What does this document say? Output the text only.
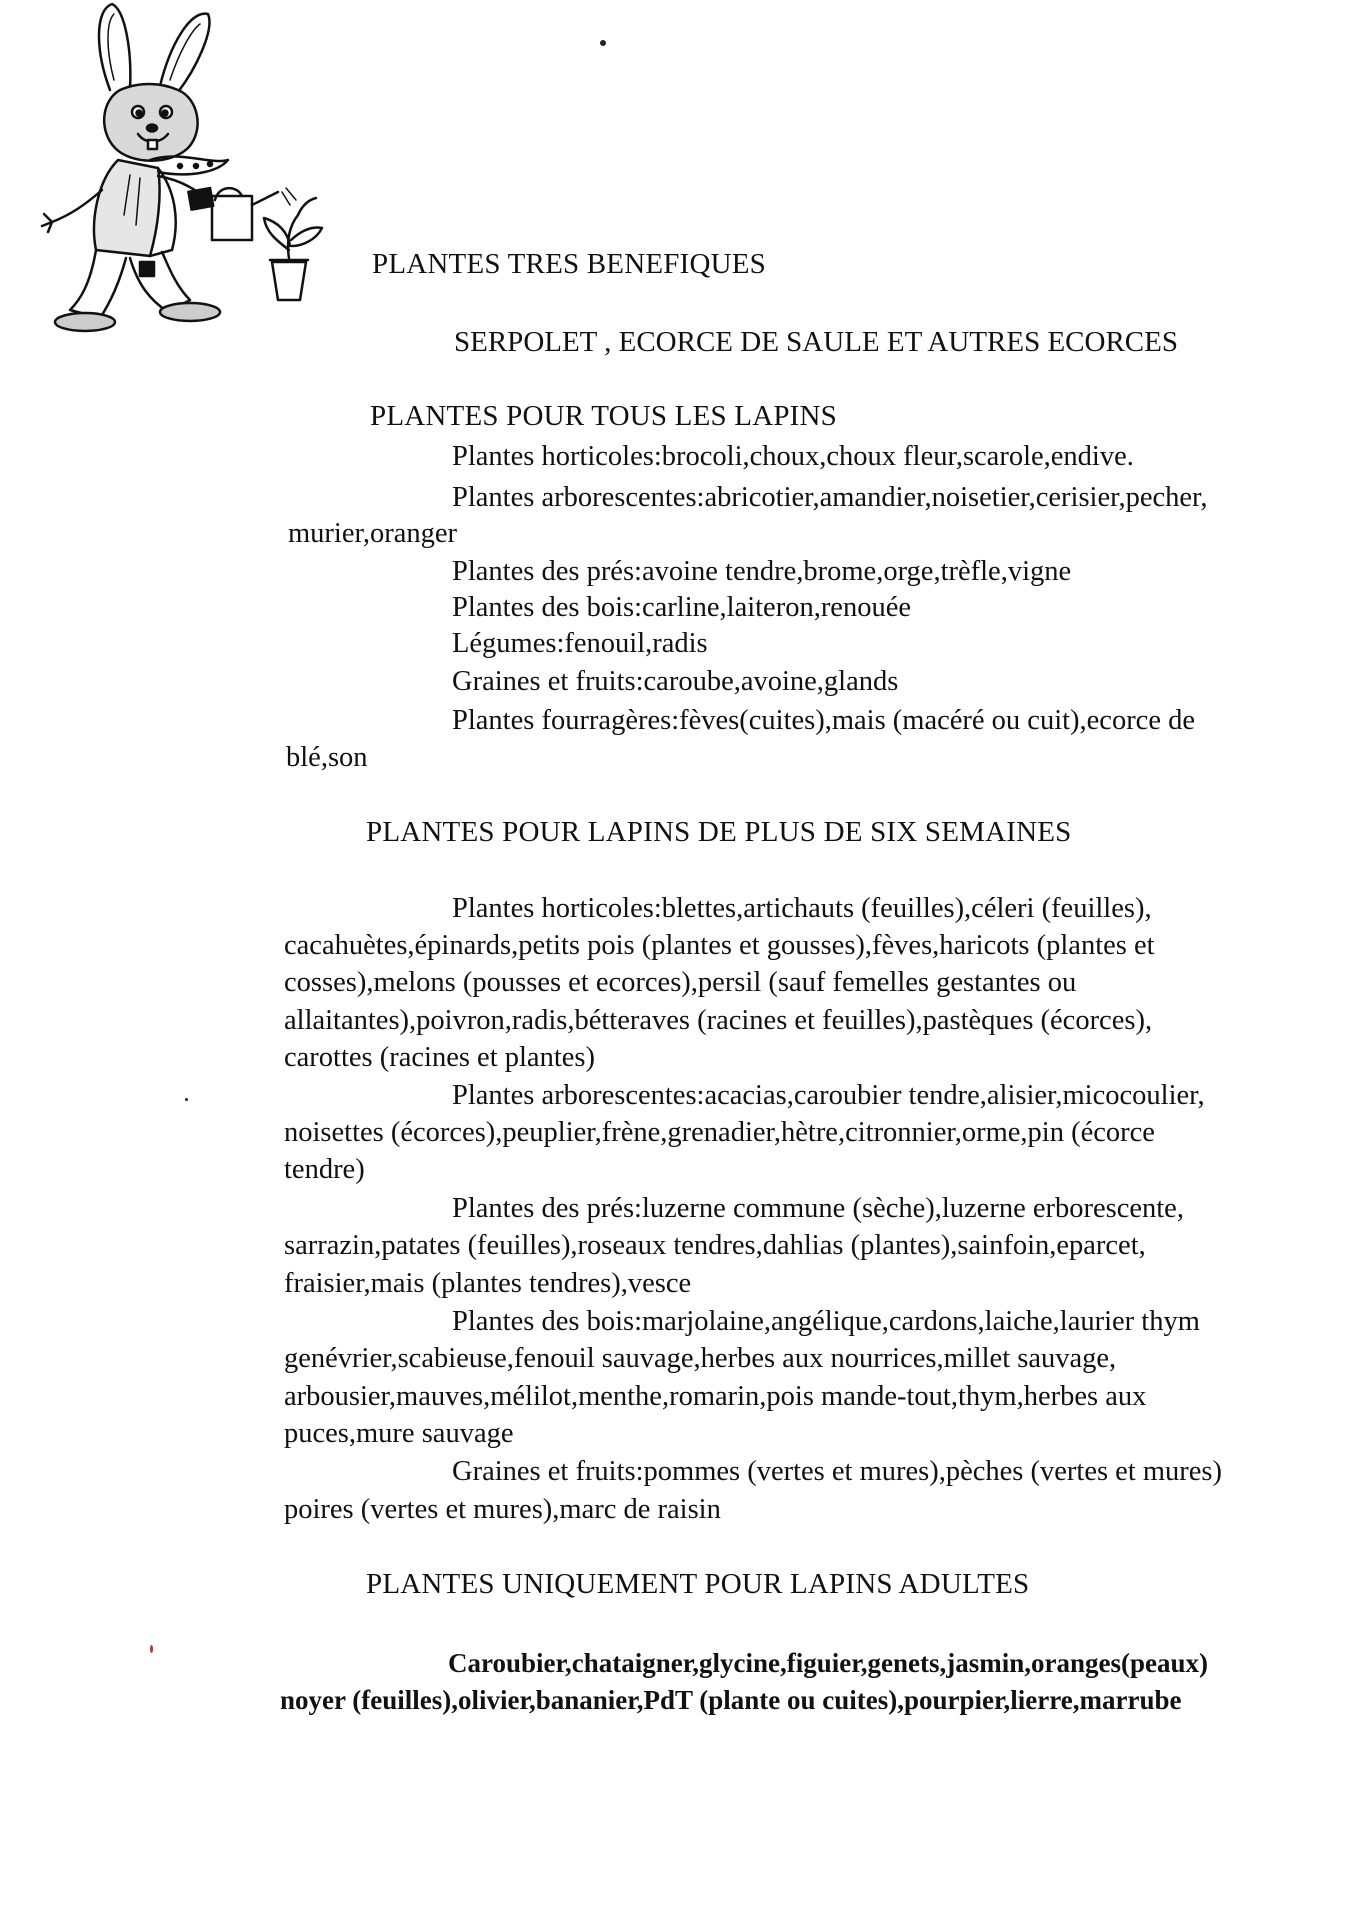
PLANTES TRES BENEFIQUES

SERPOLET , ECORCE DE SAULE ET AUTRES ECORCES

PLANTES POUR TOUS LES LAPINS

Plantes horticoles:brocoli,choux,choux fleur,scarole,endive.

Plantes arborescentes:abricotier,amandier,noisetier,cerisier,pecher,

murier,oranger

Plantes des prés:avoine tendre,brome,orge,trèfle,vigne

Plantes des bois:carline,laiteron,renouée

Légumes:fenouil,radis

Graines et fruits:caroube,avoine,glands

Plantes fourragères:fèves(cuites),mais (macéré ou cuit),ecorce de

blé,son

PLANTES POUR LAPINS DE PLUS DE SIX SEMAINES

Plantes horticoles:blettes,artichauts (feuilles),céleri (feuilles),

cacahuètes,épinards,petits pois (plantes et gousses),fèves,haricots (plantes et

cosses),melons (pousses et ecorces),persil (sauf femelles gestantes ou

allaitantes),poivron,radis,bétteraves (racines et feuilles),pastèques (écorces),

carottes (racines et plantes)

Plantes arborescentes:acacias,caroubier tendre,alisier,micocoulier,

noisettes (écorces),peuplier,frène,grenadier,hètre,citronnier,orme,pin (écorce

tendre)

Plantes des prés:luzerne commune (sèche),luzerne erborescente,

sarrazin,patates (feuilles),roseaux tendres,dahlias (plantes),sainfoin,eparcet,

fraisier,mais (plantes tendres),vesce

Plantes des bois:marjolaine,angélique,cardons,laiche,laurier thym

genévrier,scabieuse,fenouil sauvage,herbes aux nourrices,millet sauvage,

arbousier,mauves,mélilot,menthe,romarin,pois mande-tout,thym,herbes aux

puces,mure sauvage

Graines et fruits:pommes (vertes et mures),pèches (vertes et mures)

poires (vertes et mures),marc de raisin

PLANTES UNIQUEMENT POUR LAPINS ADULTES

Caroubier,chataigner,glycine,figuier,genets,jasmin,oranges(peaux)

noyer (feuilles),olivier,bananier,PdT (plante ou cuites),pourpier,lierre,marrube
